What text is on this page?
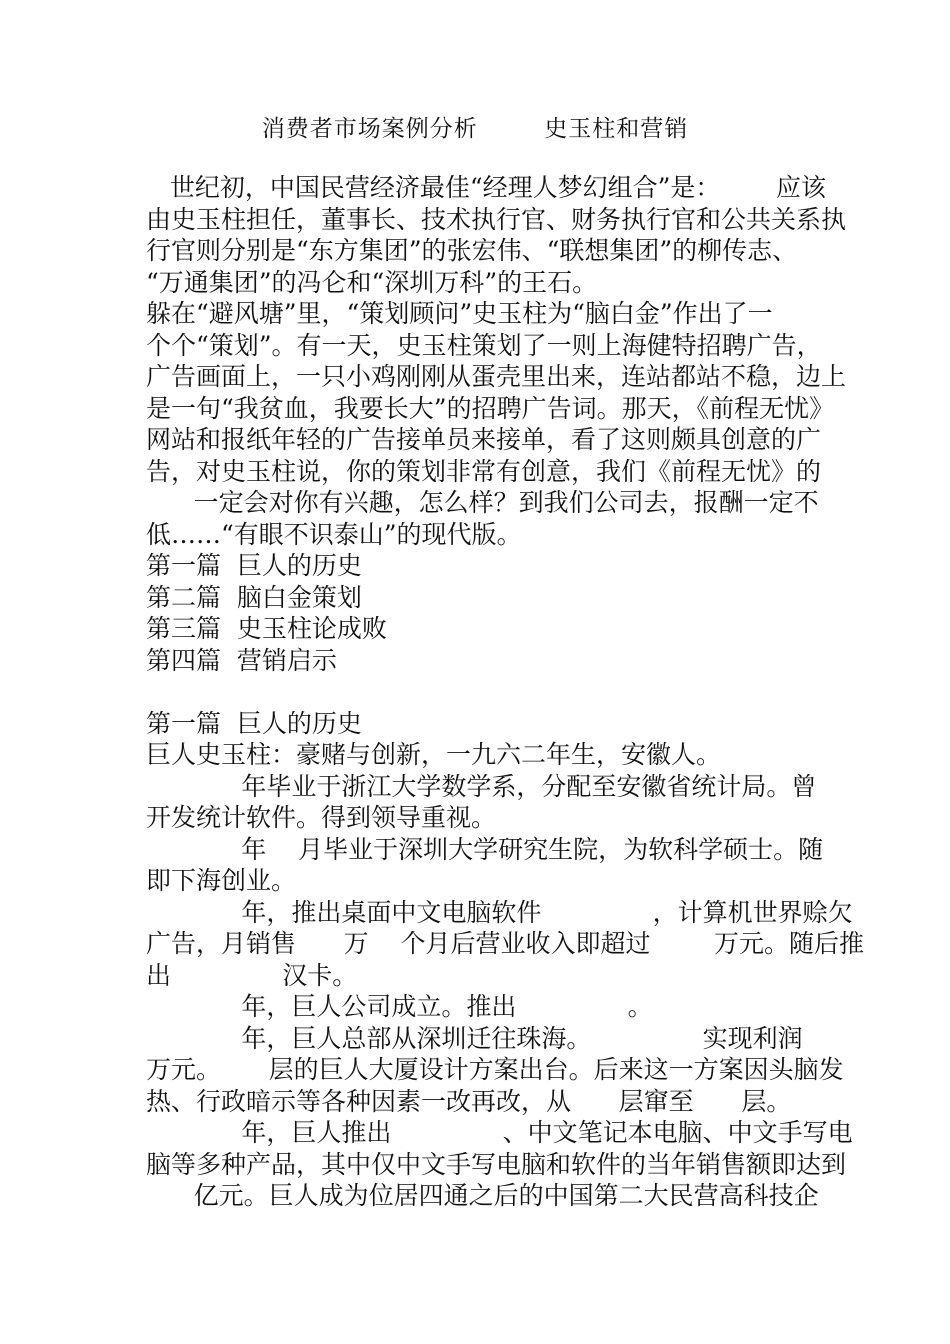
消费者市场案例分析	史玉柱和营销
世纪初，中国民营经济最佳“经理人梦幻组合”是：       应该
由史玉柱担任，董事长、技术执行官、财务执行官和公共关系执
行官则分别是“东方集团”的张宏伟、“联想集团”的柳传志、
“万通集团”的冯仑和“深圳万科”的王石。
躲在“避风塘”里，“策划顾问”史玉柱为“脑白金”作出了一
个个“策划”。有一天，史玉柱策划了一则上海健特招聘广告，
广告画面上，一只小鸡刚刚从蛋壳里出来，连站都站不稳，边上
是一句“我贫血，我要长大”的招聘广告词。那天，《前程无忧》
网站和报纸年轻的广告接单员来接单，看了这则颇具创意的广
告，对史玉柱说，你的策划非常有创意，我们《前程无忧》的
一定会对你有兴趣，怎么样？到我们公司去，报酬一定不
低……“有眼不识泰山”的现代版。
第一篇  巨人的历史
第二篇  脑白金策划
第三篇  史玉柱论成败
第四篇  营销启示
第一篇  巨人的历史
巨人史玉柱：豪赌与创新，一九六二年生，安徽人。
年毕业于浙江大学数学系，分配至安徽省统计局。曾
开发统计软件。得到领导重视。
年    月毕业于深圳大学研究生院，为软科学硕士。随
即下海创业。
年，推出桌面中文电脑软件              ，计算机世界赊欠
广告，月销售      万    个月后营业收入即超过        万元。随后推
出              汉卡。
年，巨人公司成立。推出              。
年，巨人总部从深圳迁往珠海。              实现利润
万元。      层的巨人大厦设计方案出台。后来这一方案因头脑发
热、行政暗示等各种因素一改再改，从      层窜至      层。
年，巨人推出              、中文笔记本电脑、中文手写电
脑等多种产品，其中仅中文手写电脑和软件的当年销售额即达到
亿元。巨人成为位居四通之后的中国第二大民营高科技企
